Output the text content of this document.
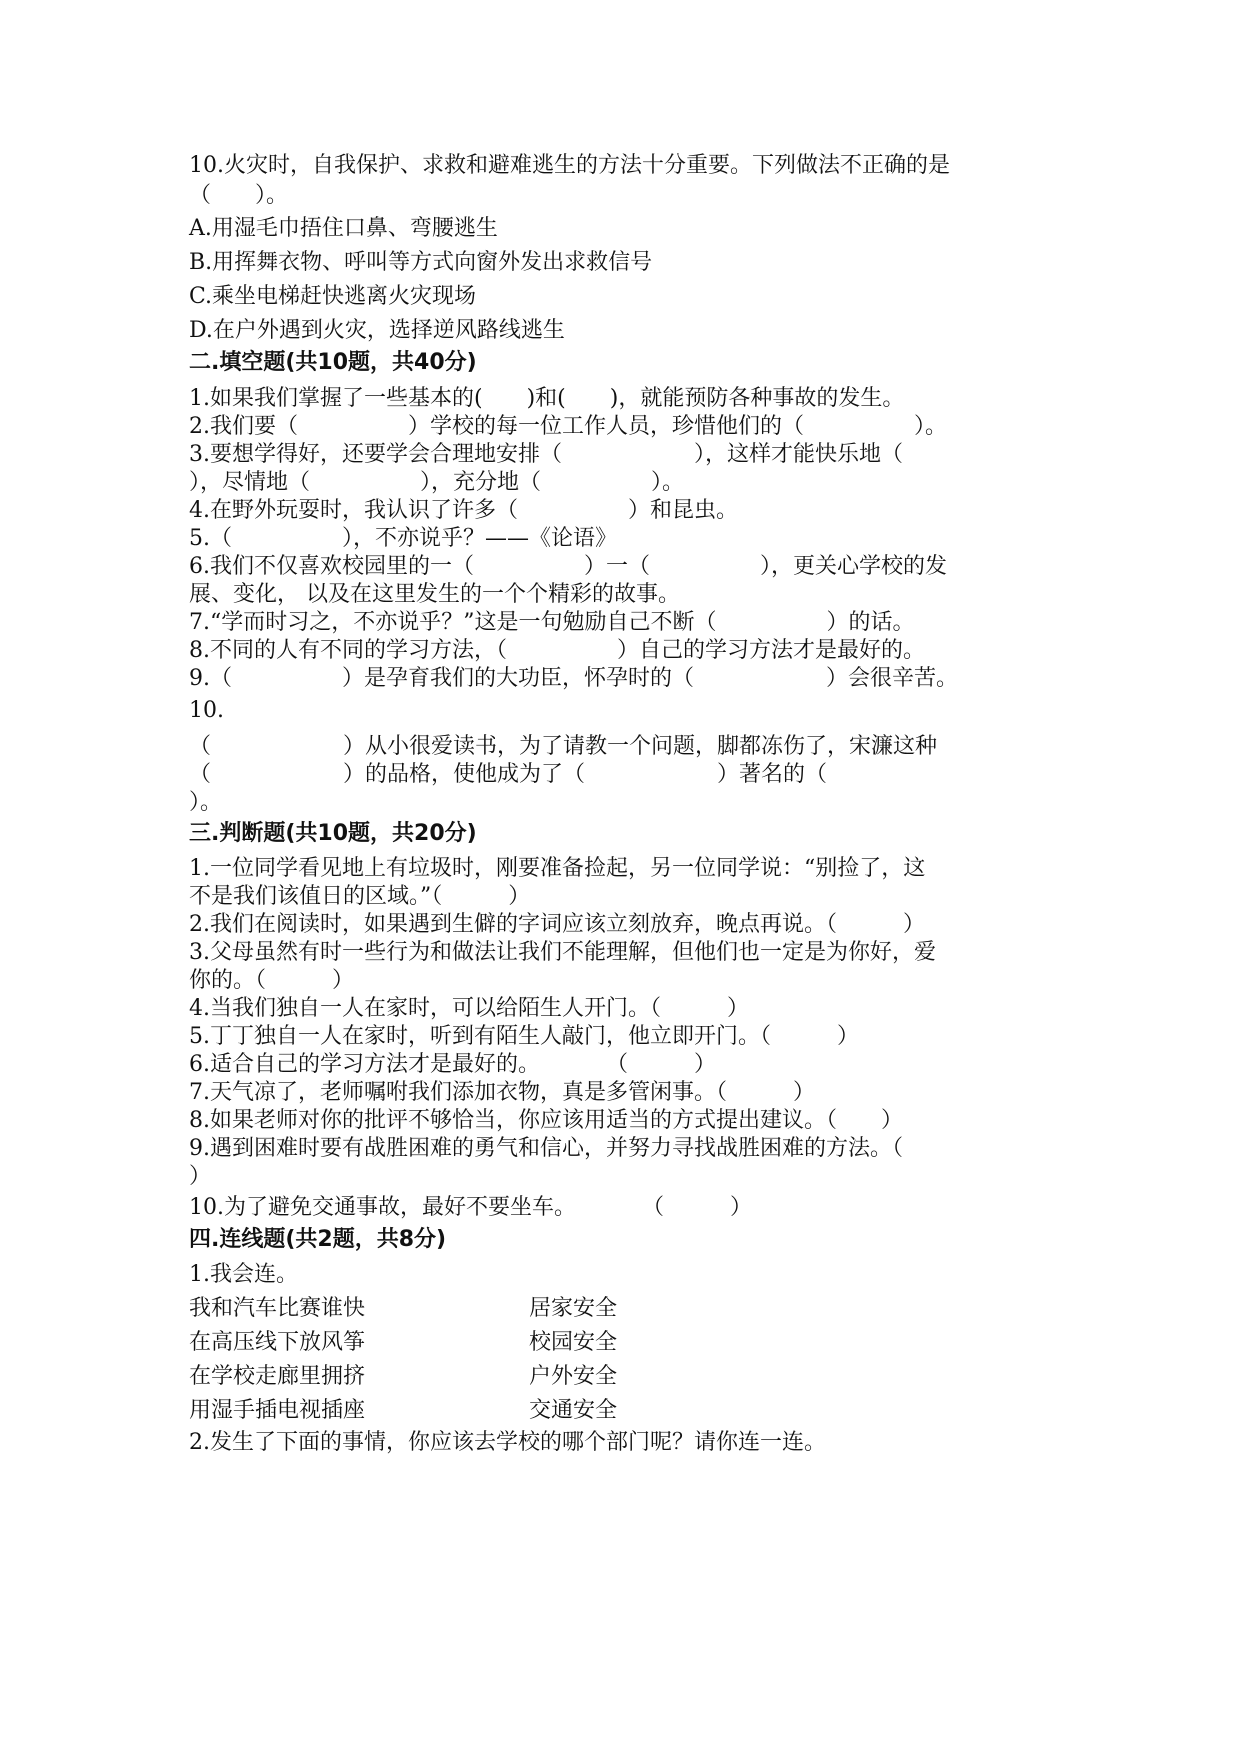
10.火灾时，自我保护、求救和避难逃生的方法十分重要。下列做法不正确的是
（　　）。
A.用湿毛巾捂住口鼻、弯腰逃生
B.用挥舞衣物、呼叫等方式向窗外发出求救信号
C.乘坐电梯赶快逃离火灾现场
D.在户外遇到火灾，选择逆风路线逃生
二.填空题(共10题，共40分)
1.如果我们掌握了一些基本的(　　)和(　　)，就能预防各种事故的发生。
2.我们要（　　　　　）学校的每一位工作人员，珍惜他们的（　　　　　）。
3.要想学得好，还要学会合理地安排（　　　　　　），这样才能快乐地（
），尽情地（　　　　　），充分地（　　　　　）。
4.在野外玩耍时，我认识了许多（　　　　　）和昆虫。
5.（　　　　　），不亦说乎？——《论语》
6.我们不仅喜欢校园里的一（　　　　　）一（　　　　　），更关心学校的发
展、变化， 以及在这里发生的一个个精彩的故事。
7.“学而时习之，不亦说乎？”这是一句勉励自己不断（　　　　　）的话。
8.不同的人有不同的学习方法，（　　　　　）自己的学习方法才是最好的。
9.（　　　　　）是孕育我们的大功臣，怀孕时的（　　　　　　）会很辛苦。
10.
（　　　　　　）从小很爱读书，为了请教一个问题，脚都冻伤了，宋濂这种
（　　　　　　）的品格，使他成为了（　　　　　　）著名的（
）。
三.判断题(共10题，共20分)
1.一位同学看见地上有垃圾时，刚要准备捡起，另一位同学说：“别捡了，这
不是我们该值日的区域。”（　　　）
2.我们在阅读时，如果遇到生僻的字词应该立刻放弃，晚点再说。（　　　）
3.父母虽然有时一些行为和做法让我们不能理解，但他们也一定是为你好，爱
你的。（　　　）
4.当我们独自一人在家时，可以给陌生人开门。（　　　）
5.丁丁独自一人在家时，听到有陌生人敲门，他立即开门。（　　　）
6.适合自己的学习方法才是最好的。　　　　（　　　）
7.天气凉了，老师嘱咐我们添加衣物，真是多管闲事。（　　　）
8.如果老师对你的批评不够恰当，你应该用适当的方式提出建议。（　　）
9.遇到困难时要有战胜困难的勇气和信心，并努力寻找战胜困难的方法。（
）
10.为了避免交通事故，最好不要坐车。　　　　（　　　）
四.连线题(共2题，共8分)
1.我会连。
我和汽车比赛谁快	居家安全
在高压线下放风筝	校园安全
在学校走廊里拥挤	户外安全
用湿手插电视插座	交通安全
2.发生了下面的事情，你应该去学校的哪个部门呢？请你连一连。
